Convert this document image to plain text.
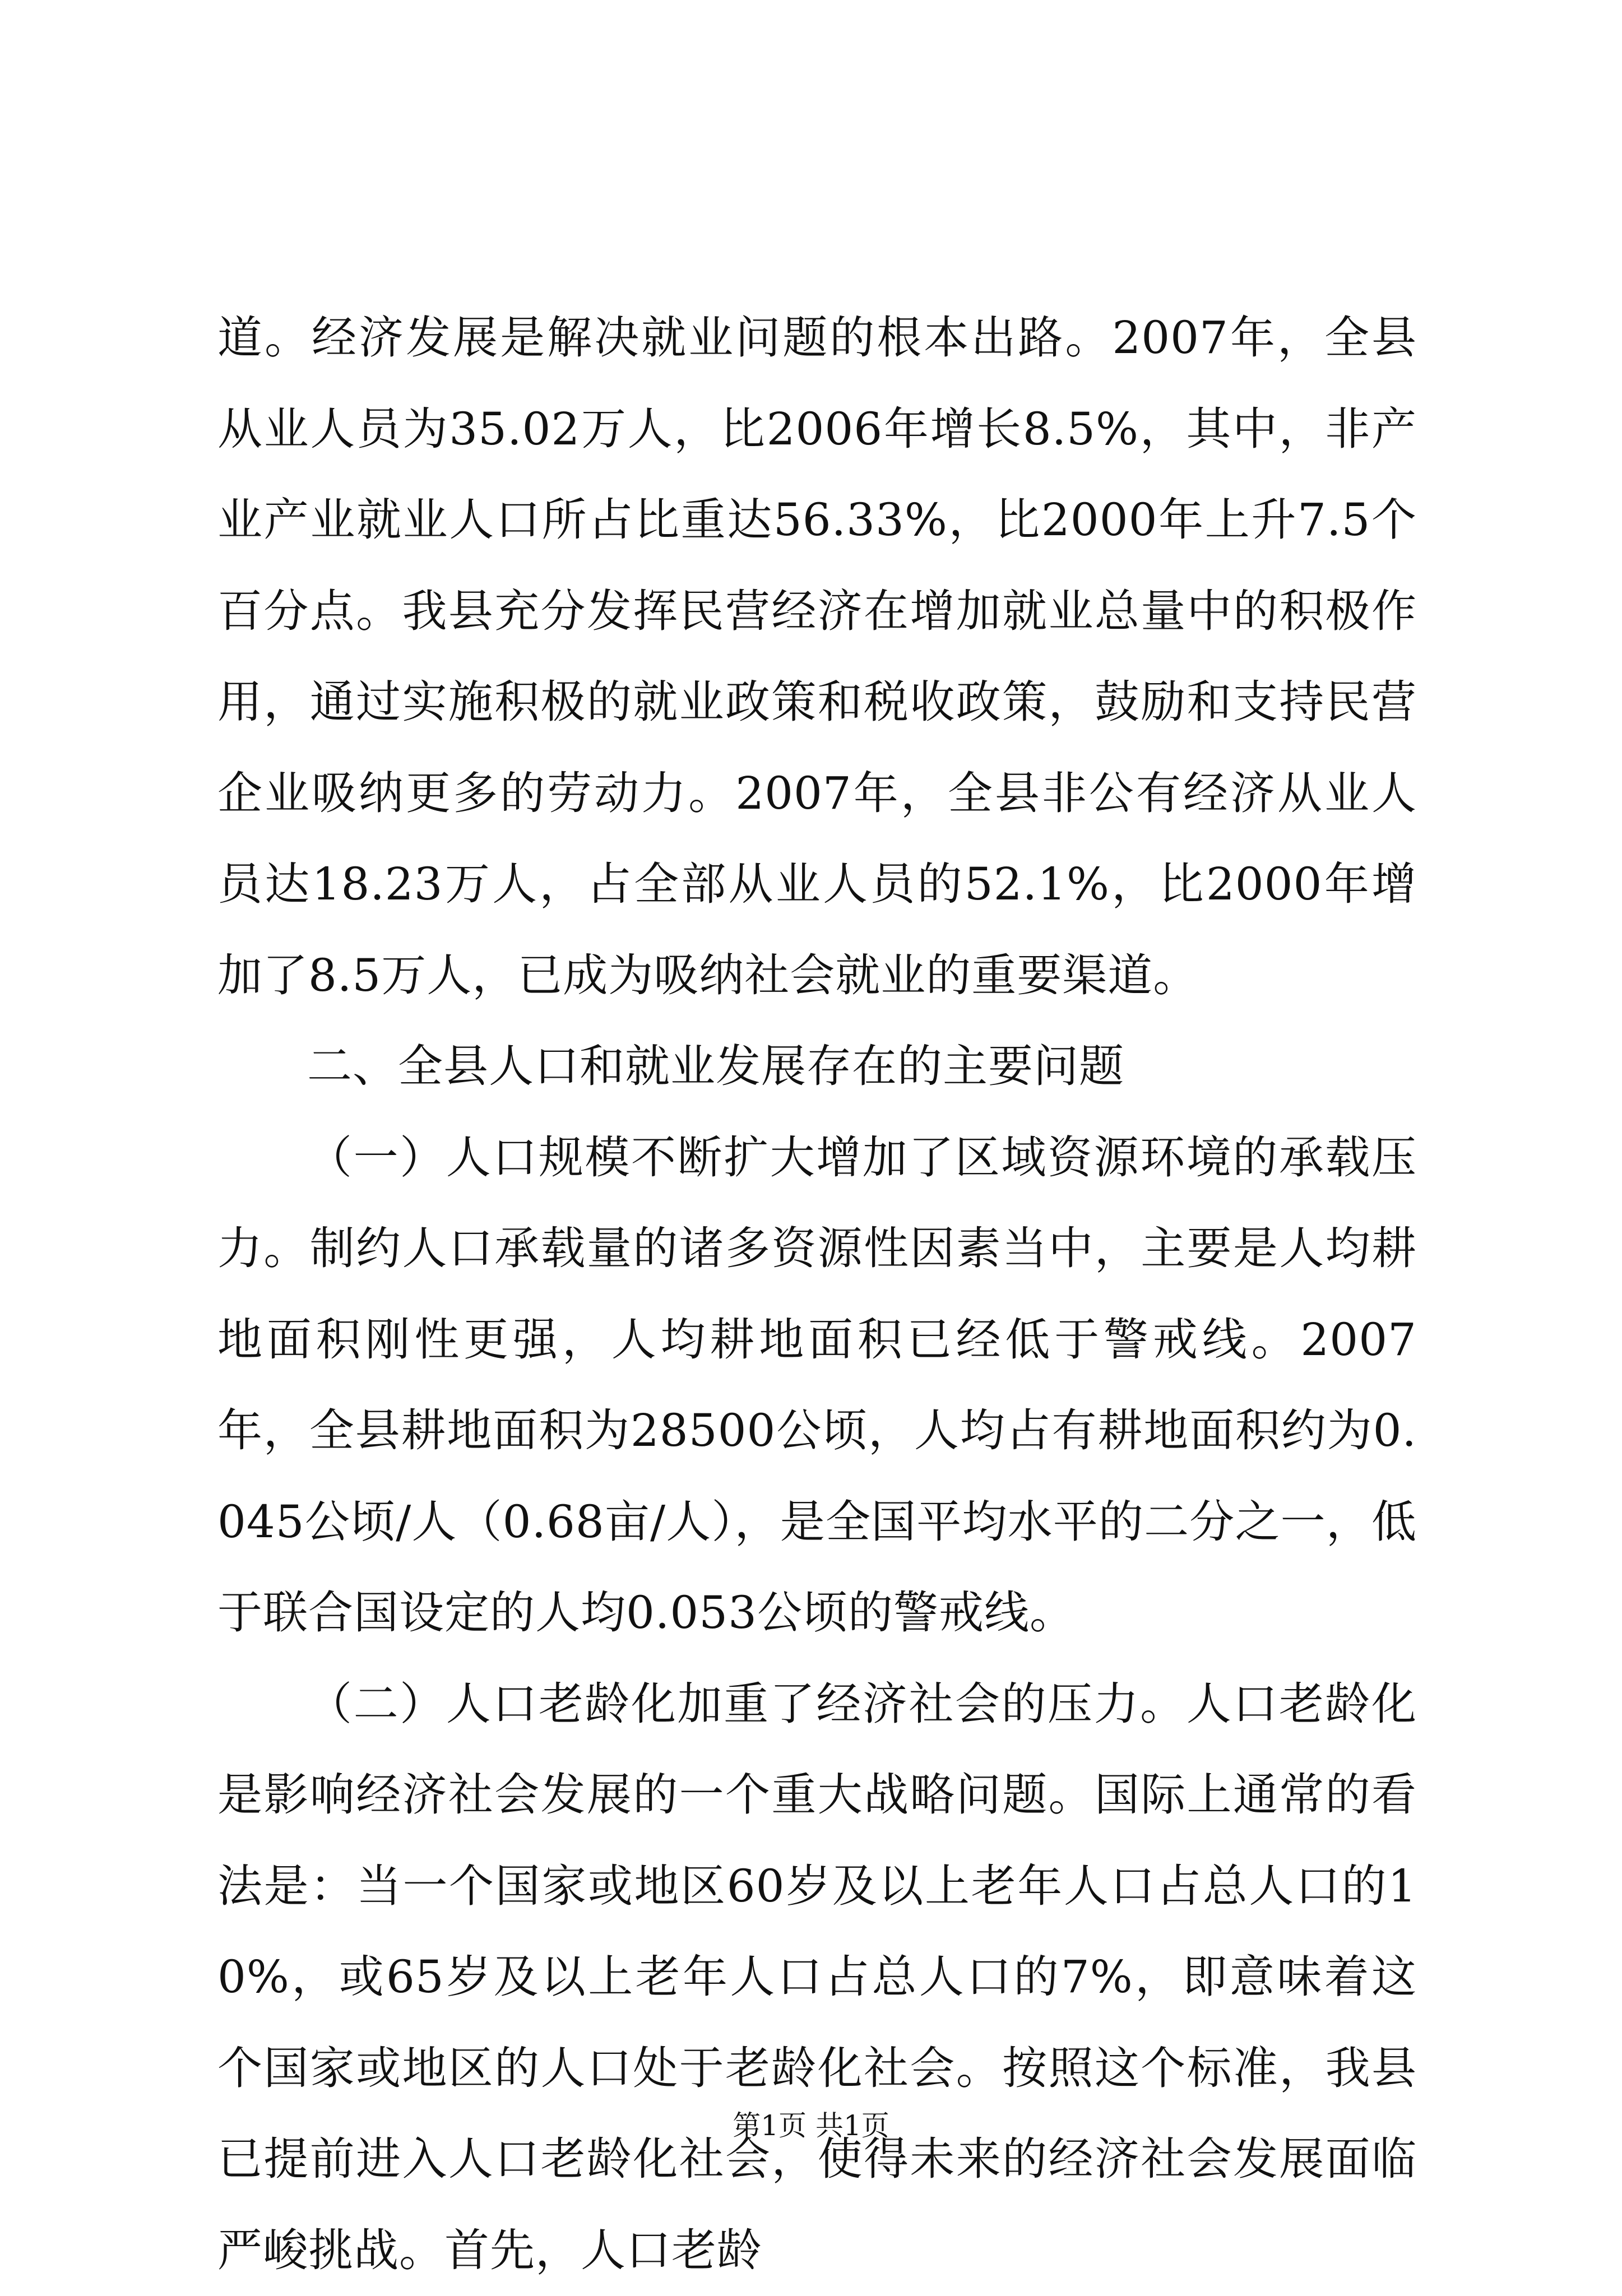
道。经济发展是解决就业问题的根本出路。2007年，全县从业人员为35.02万人，比2006年增长8.5%，其中，非产业产业就业人口所占比重达56.33%，比2000年上升7.5个百分点。我县充分发挥民营经济在增加就业总量中的积极作用，通过实施积极的就业政策和税收政策，鼓励和支持民营企业吸纳更多的劳动力。2007年，全县非公有经济从业人员达18.23万人，占全部从业人员的52.1%，比2000年增加了8.5万人，已成为吸纳社会就业的重要渠道。

二、全县人口和就业发展存在的主要问题

（一）人口规模不断扩大增加了区域资源环境的承载压力。制约人口承载量的诸多资源性因素当中，主要是人均耕地面积刚性更强，人均耕地面积已经低于警戒线。2007年，全县耕地面积为28500公顷，人均占有耕地面积约为0.045公顷/人（0.68亩/人），是全国平均水平的二分之一，低于联合国设定的人均0.053公顷的警戒线。

（二）人口老龄化加重了经济社会的压力。人口老龄化是影响经济社会发展的一个重大战略问题。国际上通常的看法是：当一个国家或地区60岁及以上老年人口占总人口的10%，或65岁及以上老年人口占总人口的7%，即意味着这个国家或地区的人口处于老龄化社会。按照这个标准，我县已提前进入人口老龄化社会，使得未来的经济社会发展面临严峻挑战。首先，人口老龄

第1页 共1页
